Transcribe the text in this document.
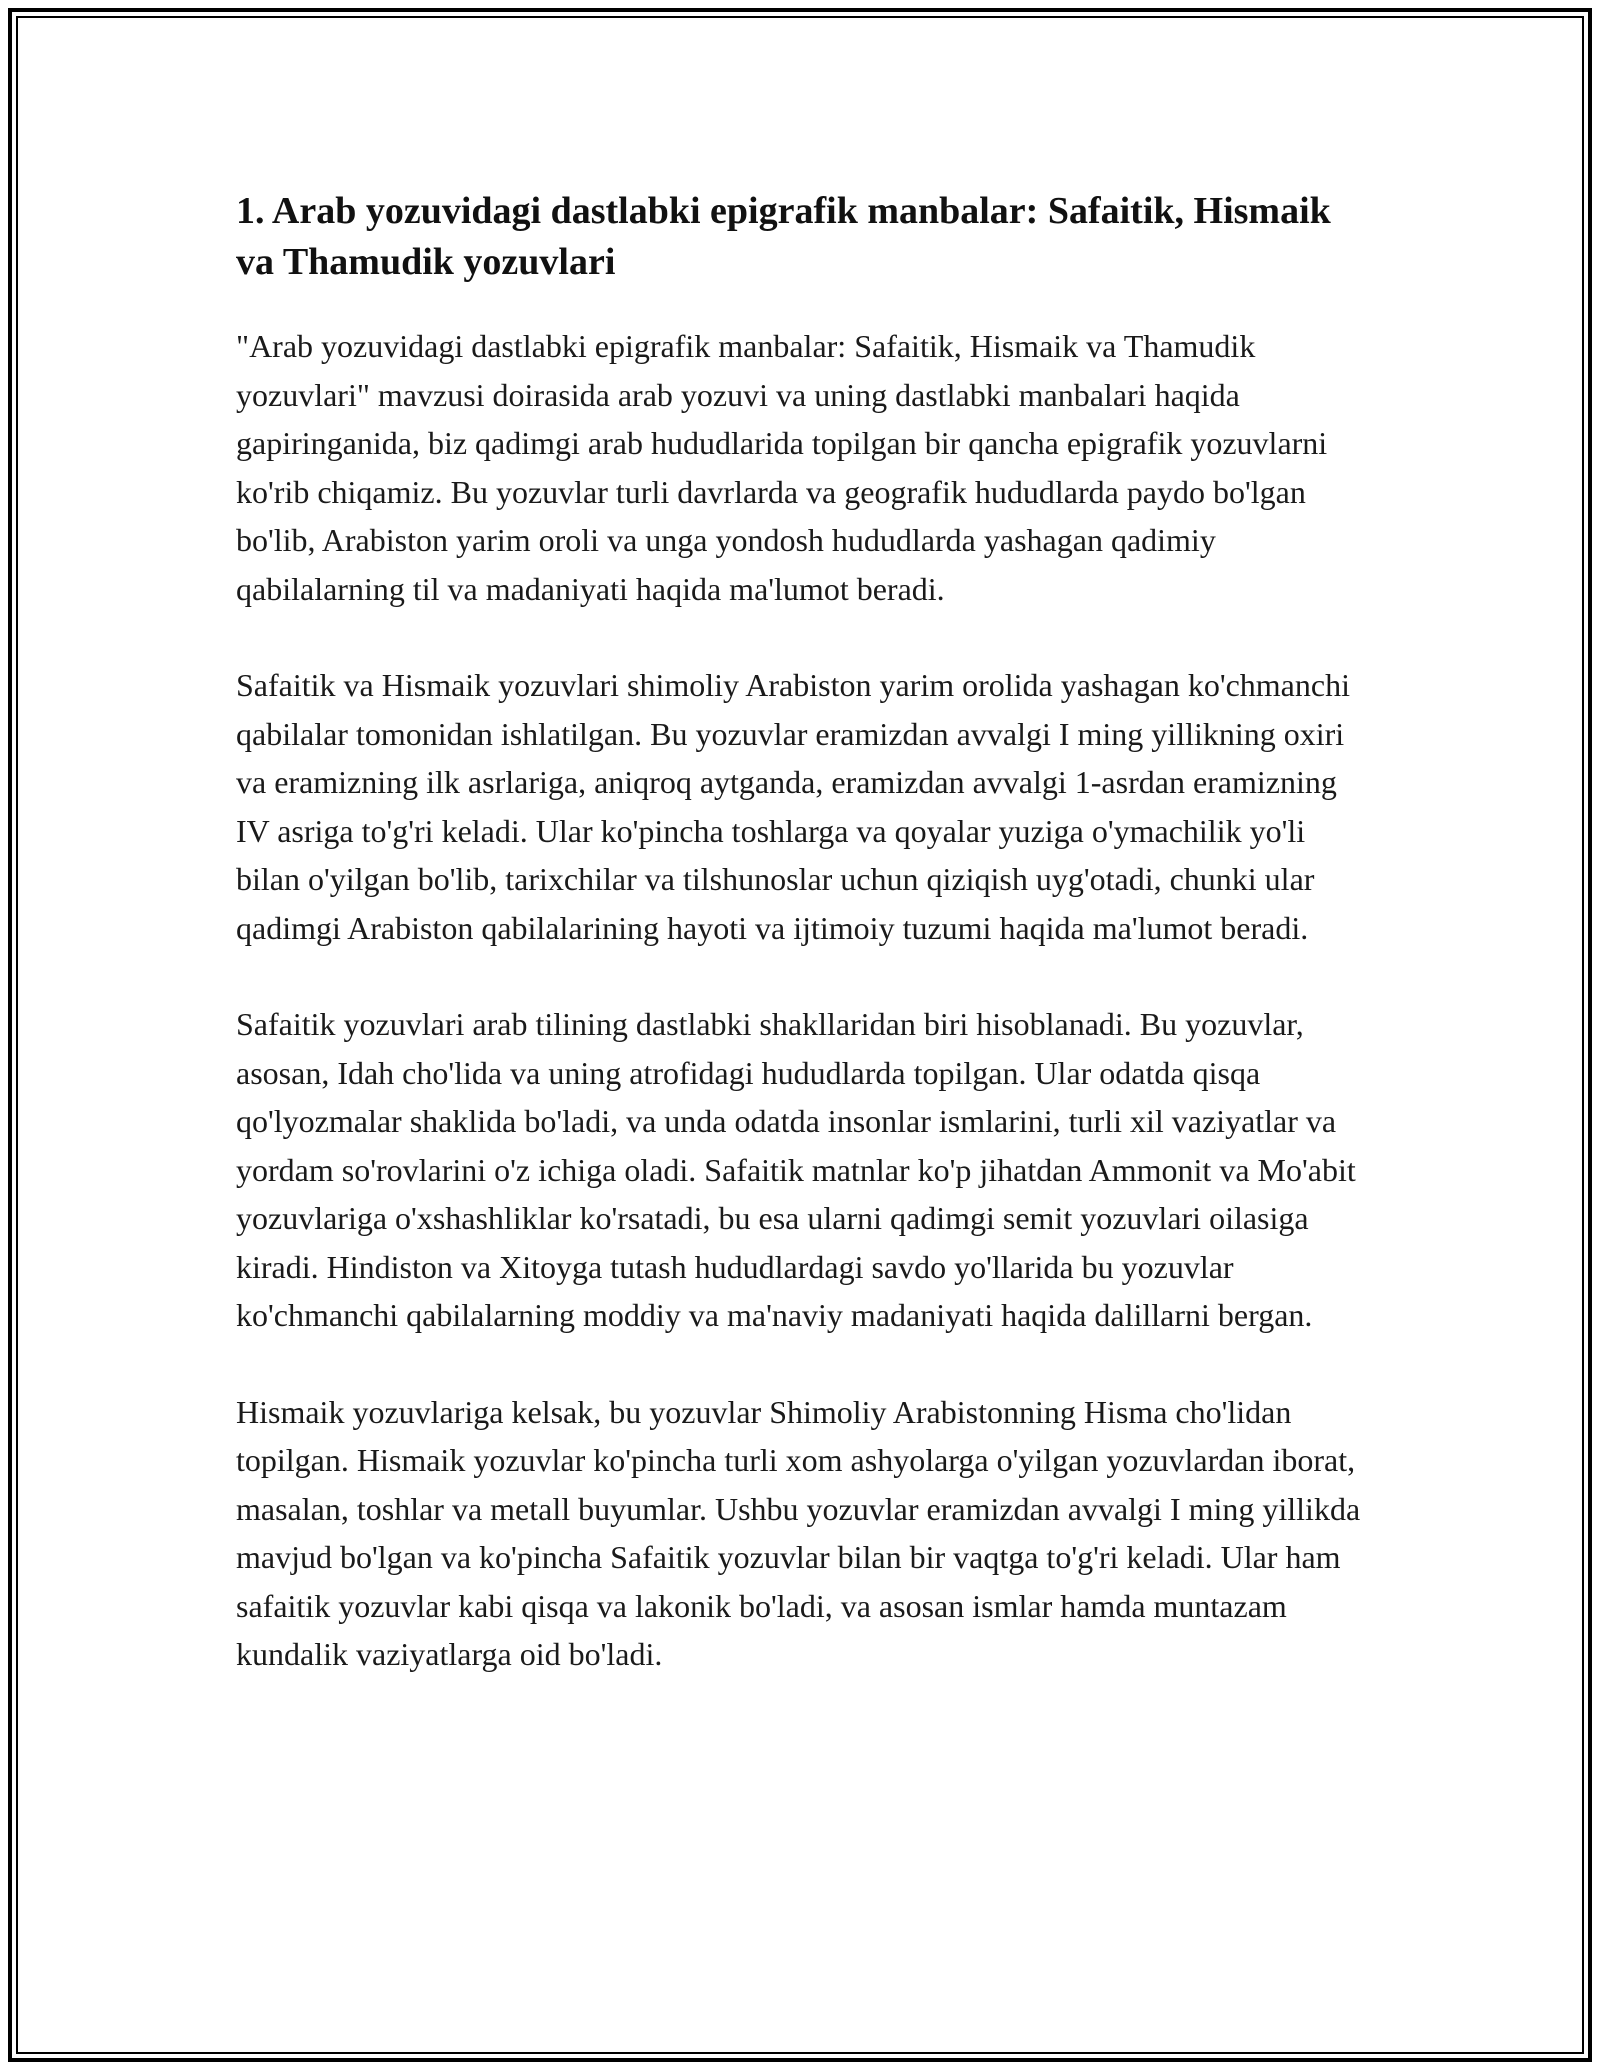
1. Arab yozuvidagi dastlabki epigrafik manbalar: Safaitik, Hismaik va Thamudik yozuvlari

"Arab yozuvidagi dastlabki epigrafik manbalar: Safaitik, Hismaik va Thamudik yozuvlari" mavzusi doirasida arab yozuvi va uning dastlabki manbalari haqida gapiringanida, biz qadimgi arab hududlarida topilgan bir qancha epigrafik yozuvlarni ko'rib chiqamiz. Bu yozuvlar turli davrlarda va geografik hududlarda paydo bo'lgan bo'lib, Arabiston yarim oroli va unga yondosh hududlarda yashagan qadimiy qabilalarning til va madaniyati haqida ma'lumot beradi.

Safaitik va Hismaik yozuvlari shimoliy Arabiston yarim orolida yashagan ko'chmanchi qabilalar tomonidan ishlatilgan. Bu yozuvlar eramizdan avvalgi I ming yillikning oxiri va eramizning ilk asrlariga, aniqroq aytganda, eramizdan avvalgi 1-asrdan eramizning IV asriga to'g'ri keladi. Ular ko'pincha toshlarga va qoyalar yuziga o'ymachilik yo'li bilan o'yilgan bo'lib, tarixchilar va tilshunoslar uchun qiziqish uyg'otadi, chunki ular qadimgi Arabiston qabilalarining hayoti va ijtimoiy tuzumi haqida ma'lumot beradi.

Safaitik yozuvlari arab tilining dastlabki shakllaridan biri hisoblanadi. Bu yozuvlar, asosan, Idah cho'lida va uning atrofidagi hududlarda topilgan. Ular odatda qisqa qo'lyozmalar shaklida bo'ladi, va unda odatda insonlar ismlarini, turli xil vaziyatlar va yordam so'rovlarini o'z ichiga oladi. Safaitik matnlar ko'p jihatdan Ammonit va Mo'abit yozuvlariga o'xshashliklar ko'rsatadi, bu esa ularni qadimgi semit yozuvlari oilasiga kiradi. Hindiston va Xitoyga tutash hududlardagi savdo yo'llarida bu yozuvlar ko'chmanchi qabilalarning moddiy va ma'naviy madaniyati haqida dalillarni bergan.

Hismaik yozuvlariga kelsak, bu yozuvlar Shimoliy Arabistonning Hisma cho'lidan topilgan. Hismaik yozuvlar ko'pincha turli xom ashyolarga o'yilgan yozuvlardan iborat, masalan, toshlar va metall buyumlar. Ushbu yozuvlar eramizdan avvalgi I ming yillikda mavjud bo'lgan va ko'pincha Safaitik yozuvlar bilan bir vaqtga to'g'ri keladi. Ular ham safaitik yozuvlar kabi qisqa va lakonik bo'ladi, va asosan ismlar hamda muntazam kundalik vaziyatlarga oid bo'ladi.
